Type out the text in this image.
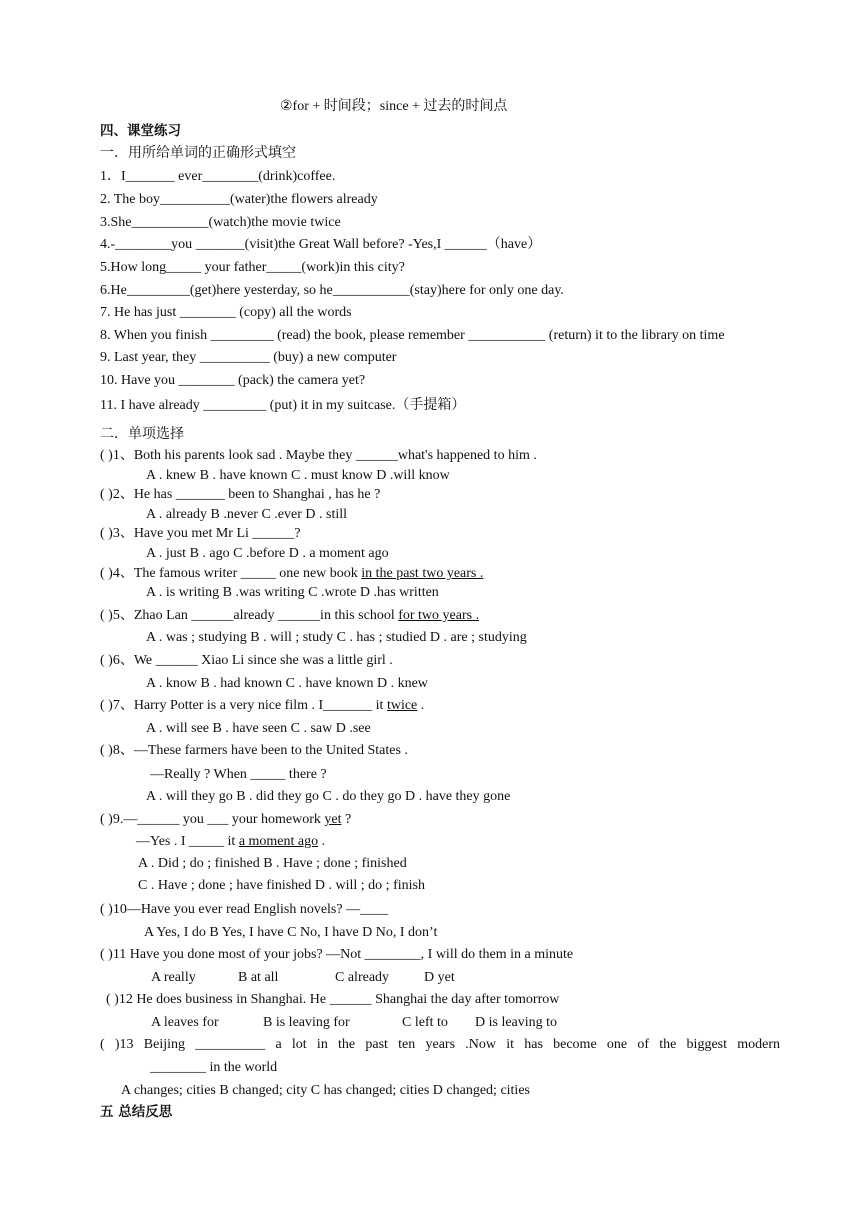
②for + 时间段；since + 过去的时间点
四、课堂练习
一．用所给单词的正确形式填空
1．I_______ ever________(drink)coffee.
2. The boy__________(water)the flowers already
3.She___________(watch)the movie twice
4.-________you _______(visit)the Great Wall before? -Yes,I ______（have）
5.How long_____ your father_____(work)in this city?
6.He_________(get)here yesterday, so he___________(stay)here for only one day.
7. He has just ________ (copy) all the words
8. When you finish _________ (read) the book, please remember ___________ (return) it to the library on time
9. Last year, they __________ (buy) a new computer
10. Have you ________ (pack) the camera yet?
11. I have already _________ (put) it in my suitcase.（手提箱）
二．单项选择
( )1、Both his parents look sad . Maybe they ______what's happened to him .
A . knew B . have known C . must know D .will know
( )2、He has _______ been to Shanghai , has he ?
A . already B .never C .ever D . still
( )3、Have you met Mr Li ______?
A . just B . ago C .before D . a moment ago
( )4、The famous writer _____ one new book in the past two years .
A . is writing B .was writing C .wrote D .has written
( )5、Zhao Lan ______already ______in this school for two years .
A . was ; studying B . will ; study C . has ; studied D . are ; studying
( )6、We ______ Xiao Li since she was a little girl .
A . know B . had known C . have known D . knew
( )7、Harry Potter is a very nice film . I_______ it twice .
A . will see B . have seen C . saw D .see
( )8、—These farmers have been to the United States .
—Really ? When _____ there ?
A . will they go B . did they go C . do they go D . have they gone
( )9.—______ you ___ your homework yet ?
—Yes . I _____ it a moment ago .
A . Did ; do ; finished B . Have ; done ; finished
C . Have ; done ; have finished D . will ; do ; finish
( )10—Have you ever read English novels? —____
A Yes, I do B Yes, I have C No, I have D No, I don’t
( )11 Have you done most of your jobs? —Not ________, I will do them in a minute
A really	B at all	C already D yet
( )12 He does business in Shanghai. He ______ Shanghai the day after tomorrow
A leaves for	B is leaving for	C left to D is leaving to
( )13 Beijing __________ a lot in the past ten years .Now it has become one of the biggest modern
________ in the world
A changes; cities B changed; city C has changed; cities D changed; cities
五 总结反思
